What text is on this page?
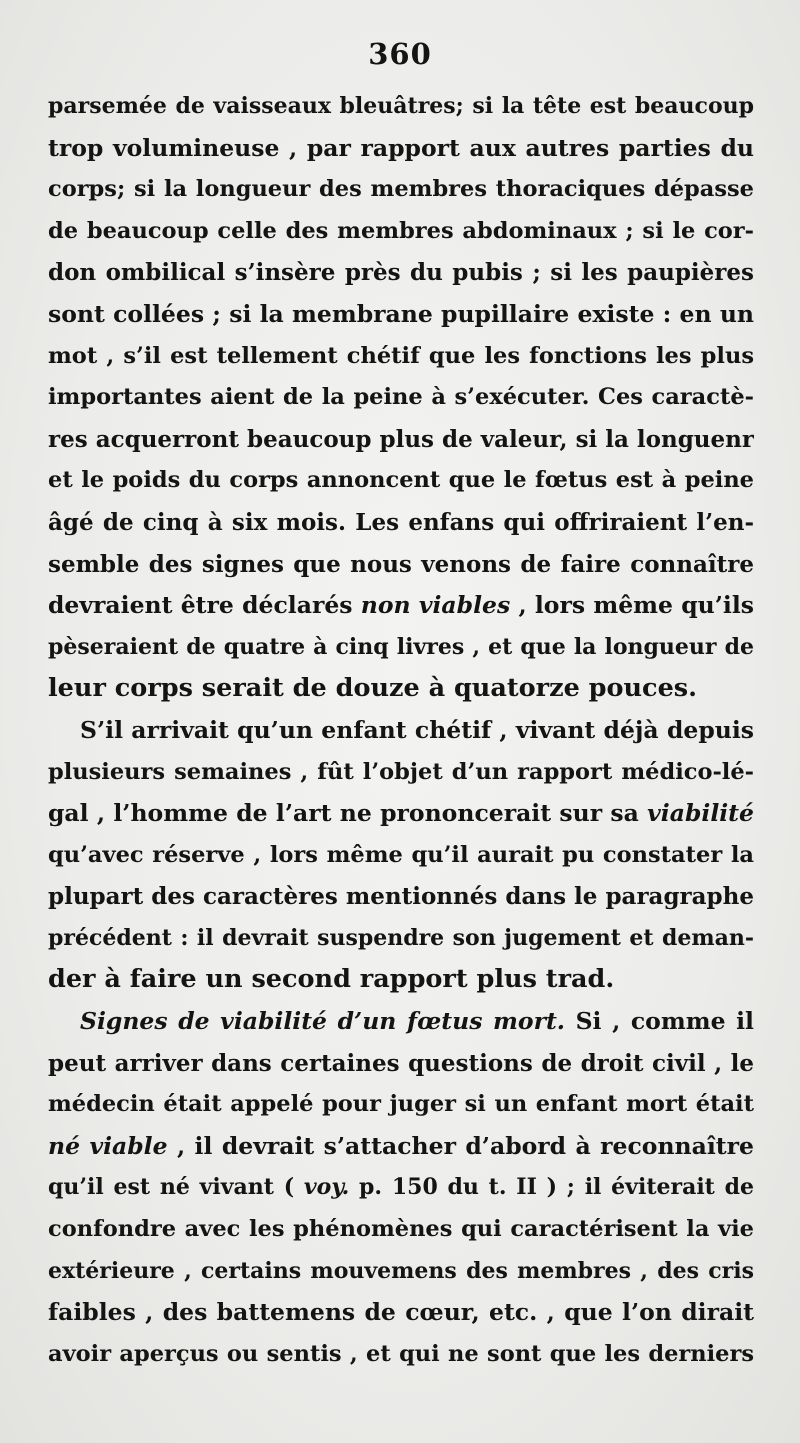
360
parsemée de vaisseaux bleuâtres; si la tête est beaucoup
trop volumineuse , par rapport aux autres parties du
corps; si la longueur des membres thoraciques dépasse
de beaucoup celle des membres abdominaux ; si le cor-
don ombilical s’insère près du pubis ; si les paupières
sont collées ; si la membrane pupillaire existe : en un
mot , s’il est tellement chétif que les fonctions les plus
importantes aient de la peine à s’exécuter. Ces caractè-
res acquerront beaucoup plus de valeur, si la longuenr
et le poids du corps annoncent que le fœtus est à peine
âgé de cinq à six mois. Les enfans qui offriraient l’en-
semble des signes que nous venons de faire connaître
devraient être déclarés non viables , lors même qu’ils
pèseraient de quatre à cinq livres , et que la longueur de
leur corps serait de douze à quatorze pouces.
S’il arrivait qu’un enfant chétif , vivant déjà depuis
plusieurs semaines , fût l’objet d’un rapport médico-lé-
gal , l’homme de l’art ne prononcerait sur sa viabilité
qu’avec réserve , lors même qu’il aurait pu constater la
plupart des caractères mentionnés dans le paragraphe
précédent : il devrait suspendre son jugement et deman-
der à faire un second rapport plus trad.
Signes de viabilité d’un fœtus mort. Si , comme il
peut arriver dans certaines questions de droit civil , le
médecin était appelé pour juger si un enfant mort était
né viable , il devrait s’attacher d’abord à reconnaître
qu’il est né vivant ( voy. p. 150 du t. II ) ; il éviterait de
confondre avec les phénomènes qui caractérisent la vie
extérieure , certains mouvemens des membres , des cris
faibles , des battemens de cœur, etc. , que l’on dirait
avoir aperçus ou sentis , et qui ne sont que les derniers
